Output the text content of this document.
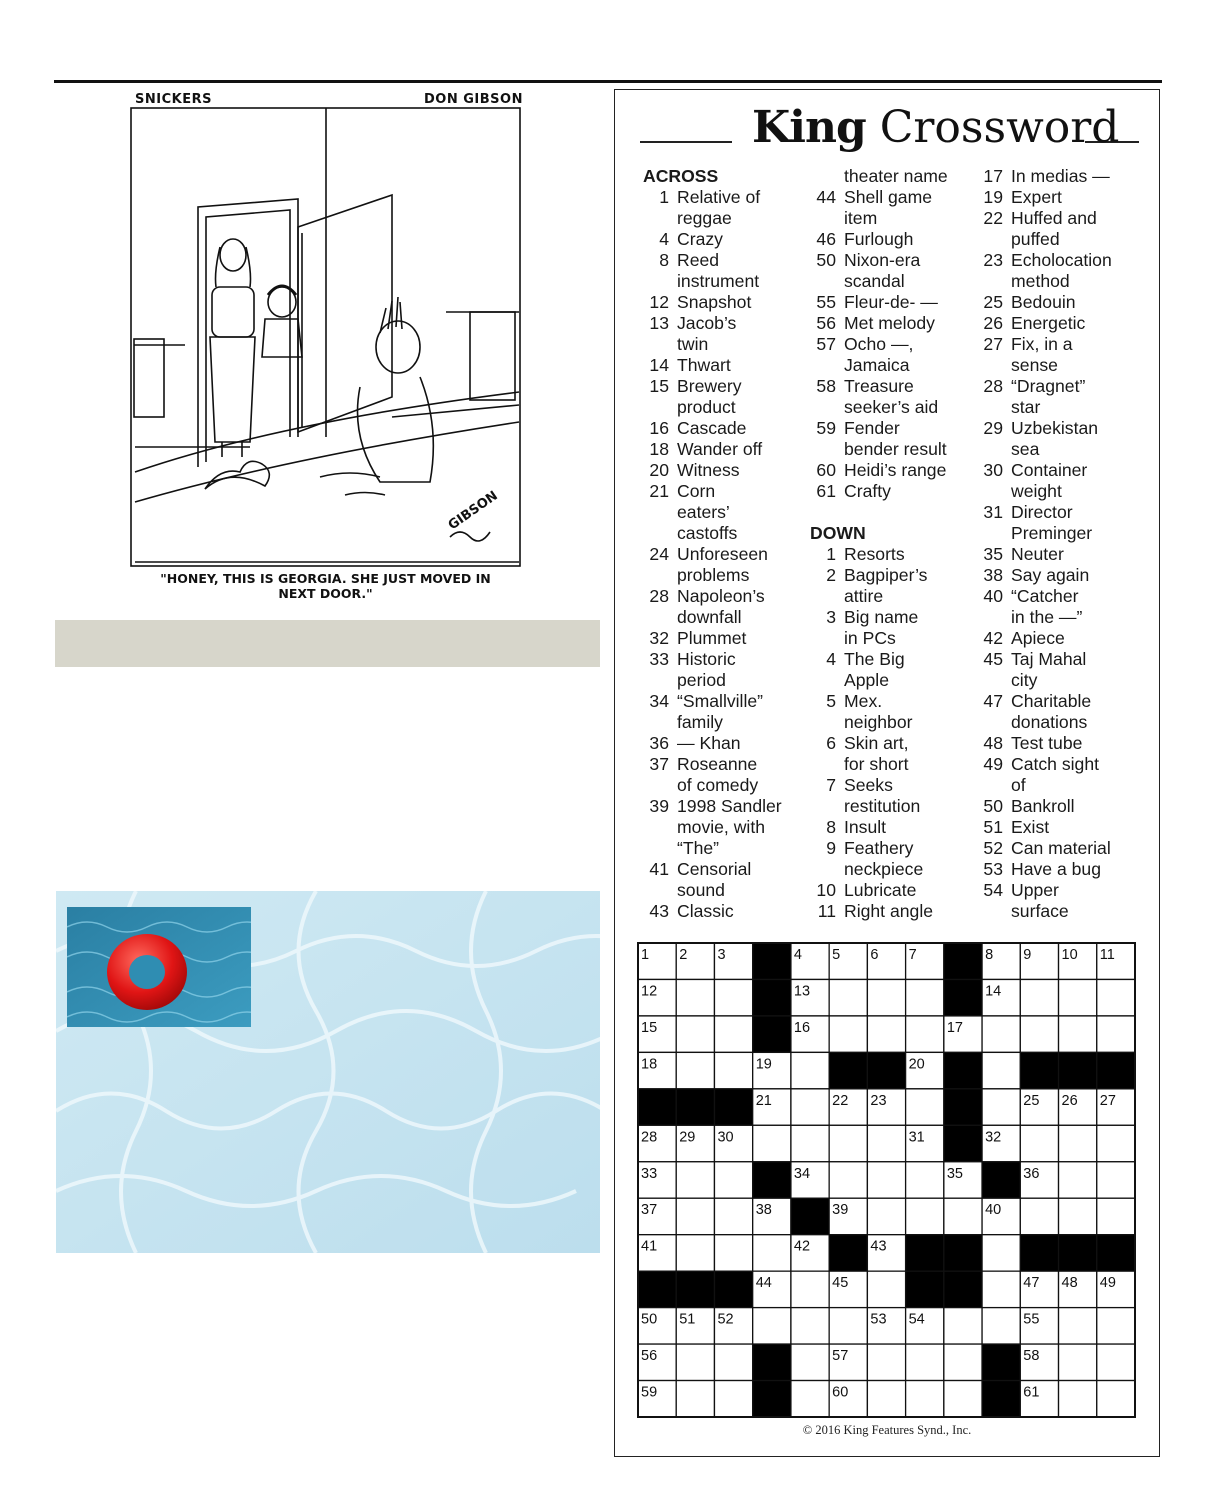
SNICKERS	DON GIBSON
GIBSON
"HONEY, THIS IS GEORGIA. SHE JUST MOVED IN
NEXT DOOR."
King Crossword
ACROSS
1 Relative of
reggae
4 Crazy
8 Reed
instrument
12 Snapshot
13 Jacob’s
twin
14 Thwart
15 Brewery
product
16 Cascade
18 Wander off
20 Witness
21 Corn
eaters’
castoffs
24 Unforeseen
problems
28 Napoleon’s
downfall
32 Plummet
33 Historic
period
34 “Smallville”
family
36 — Khan
37 Roseanne
of comedy
39 1998 Sandler
movie, with
“The”
41 Censorial
sound
43 Classic
theater name
44 Shell game
item
46 Furlough
50 Nixon-era
scandal
55 Fleur-de- —
56 Met melody
57 Ocho —,
Jamaica
58 Treasure
seeker’s aid
59 Fender
bender result
60 Heidi’s range
61 Crafty
DOWN
1 Resorts
2 Bagpiper’s
attire
3 Big name
in PCs
4 The Big
Apple
5 Mex.
neighbor
6 Skin art,
for short
7 Seeks
restitution
8 Insult
9 Feathery
neckpiece
10 Lubricate
11 Right angle
17 In medias —
19 Expert
22 Huffed and
puffed
23 Echolocation
method
25 Bedouin
26 Energetic
27 Fix, in a
sense
28 “Dragnet”
star
29 Uzbekistan
sea
30 Container
weight
31 Director
Preminger
35 Neuter
38 Say again
40 “Catcher
in the —”
42 Apiece
45 Taj Mahal
city
47 Charitable
donations
48 Test tube
49 Catch sight
of
50 Bankroll
51 Exist
52 Can material
53 Have a bug
54 Upper
surface
1 2 3	4 5 6 7	8 9 10 11
12	13	14
15	16	17
18	19	20
21	22 23	25 26 27
28 29 30	31	32
33	34	35	36
37	38	39	40
41	42	43
44	45	47 48 49
50 51 52	53 54	55
56	57	58
59	60	61
© 2016 King Features Synd., Inc.
